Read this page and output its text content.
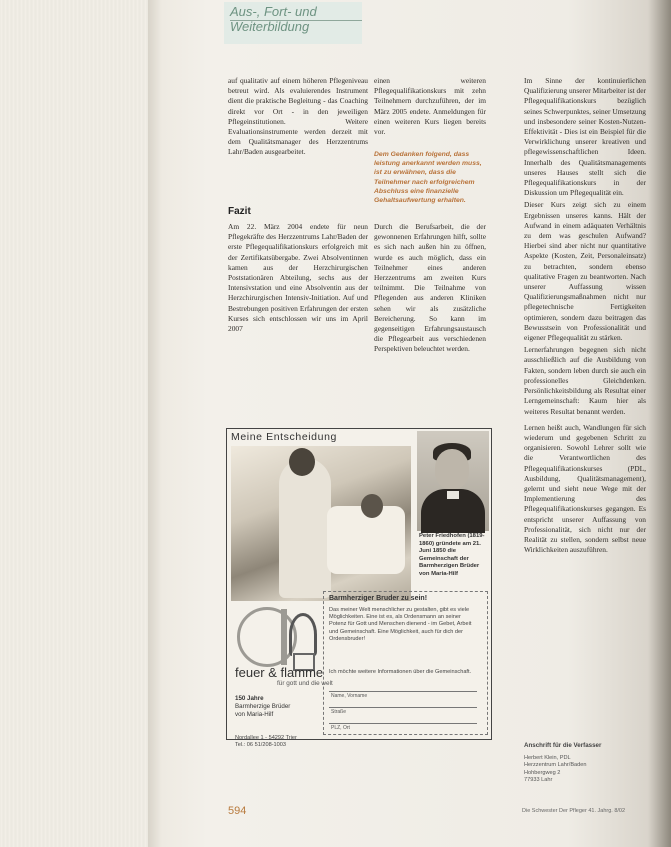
Aus-, Fort- und
Weiterbildung

auf qualitativ auf einem höheren Pflegeniveau betreut wird. Als evaluierendes Instrument dient die praktische Begleitung - das Coaching direkt vor Ort - in den jeweiligen Pflegeinstitutionen. Weitere Evaluationsinstrumente werden derzeit mit dem Qualitätsmanager des Herzzentrums Lahr/Baden ausgearbeitet.

Fazit

Am 22. März 2004 endete für neun Pflegekräfte des Herzzentrums Lahr/Baden der erste Pflegequalifikationskurs erfolgreich mit der Zertifikatsübergabe. Zwei Absolventinnen kamen aus der Herzchirurgischen Poststationären Abteilung, sechs aus der Intensivstation und eine Absolventin aus der Herzchirurgischen Intensiv-Initiation. Auf und Bestrebungen positiven Erfahrungen der ersten Kurses sich entschlossen wir uns im April 2007

einen weiteren Pflegequalifikationskurs mit zehn Teilnehmern durchzuführen, der im März 2005 endete. Anmeldungen für einen weiteren Kurs liegen bereits vor.

Dem Gedanken folgend, dass leistung anerkannt werden muss, ist zu erwähnen, dass die Teilnehmer nach erfolgreichem Abschluss eine finanzielle Gehaltsaufwertung erhalten.

Durch die Berufsarbeit, die der gewonnenen Erfahrungen hilft, sollte es sich nach außen hin zu öffnen, wurde es auch möglich, dass ein Teilnehmer eines anderen Herzzentrums am zweiten Kurs teilnimmt. Die Teilnahme von Pflegenden aus anderen Kliniken sehen wir als zusätzliche Bereicherung. So kann im gegenseitigen Erfahrungsaustausch die Pflegearbeit aus verschiedenen Perspektiven beleuchtet werden.

Im Sinne der kontinuierlichen Qualifizierung unserer Mitarbeiter ist der Pflegequalifikationskurs bezüglich seines Schwerpunktes, seiner Umsetzung und insbesondere seiner Kosten-Nutzen-Effektivität - Dies ist ein Beispiel für die Verwirklichung unserer kreativen und pflegewissenschaftlichen Ideen. Innerhalb des Qualitätsmanagements unseres Hauses stellt sich die Pflegequalifikationskurs in der Diskussion um Pflegequalität ein.

Dieser Kurs zeigt sich zu einem Ergebnissen unseres kanns. Hält der Aufwand in einem adäquaten Verhältnis zu dem was geschulen Aufwand? Hierbei sind aber nicht nur quantitative Aspekte (Kosten, Zeit, Personaleinsatz) zu betrachten, sondern ebenso qualitative Fragen zu beantworten. Nach unserer Auffassung wissen Qualifizierungsmaßnahmen nicht nur pflegetechnische Fertigkeiten optimieren, sondern dazu beitragen das Bewusstsein von Professionalität und eigener Pflegequalität zu stärken.

Lernerfahrungen begegnen sich nicht ausschließlich auf die Ausbildung von Fakten, sondern leben durch sie auch ein professionelles Gleichdenken. Persönlichkeitsbildung als Resultat einer Lerngemeinschaft: Kaum hier als weiteres Resultat benannt werden.

Lernen heißt auch, Wandlungen für sich wiederum und gegebenen Schritt zu organisieren. Sowohl Lehrer sollt wie die Verantwortlichen des Pflegequalifikationskurses (PDL, Ausbildung, Qualitätsmanagement), gelernt und sieht neue Wege mit der Implementierung des Pflegequalifikationskurses gegangen. Es entspricht unserer Auffassung von Professionalität, sich nicht nur der Realität zu stellen, sondern selbst neue Wirklichkeiten auszuführen.

Meine Entscheidung
Peter Friedhofen (1819-1860) gründete am 21. Juni 1850 die Gemeinschaft der Barmherzigen Brüder von Maria-Hilf
feuer & flamme
für gott und die welt
150 Jahre
Barmherzige Brüder
von Maria-Hilf
Nordallee 1 - 54292 Trier
Tel.: 06 51/208-1003
Barmherziger Bruder zu sein!
Das meiner Welt menschlicher zu gestalten, gibt es viele Möglichkeiten. Eine ist es, als Ordensmann an seiner Potenz für Gott und Menschen dienend - im Gebet, Arbeit und Gemeinschaft. Eine Möglichkeit, auch für dich der Ordensbruder!
Ich möchte weitere Informationen über die Gemeinschaft.
Name, Vorname
Straße
PLZ, Ort
Anschrift für die Verfasser
Herbert Klein, PDL
Herzzentrum Lahr/Baden
Hohbergweg 2
77933 Lahr
594	Die Schwester Der Pfleger 41. Jahrg. 8/02
